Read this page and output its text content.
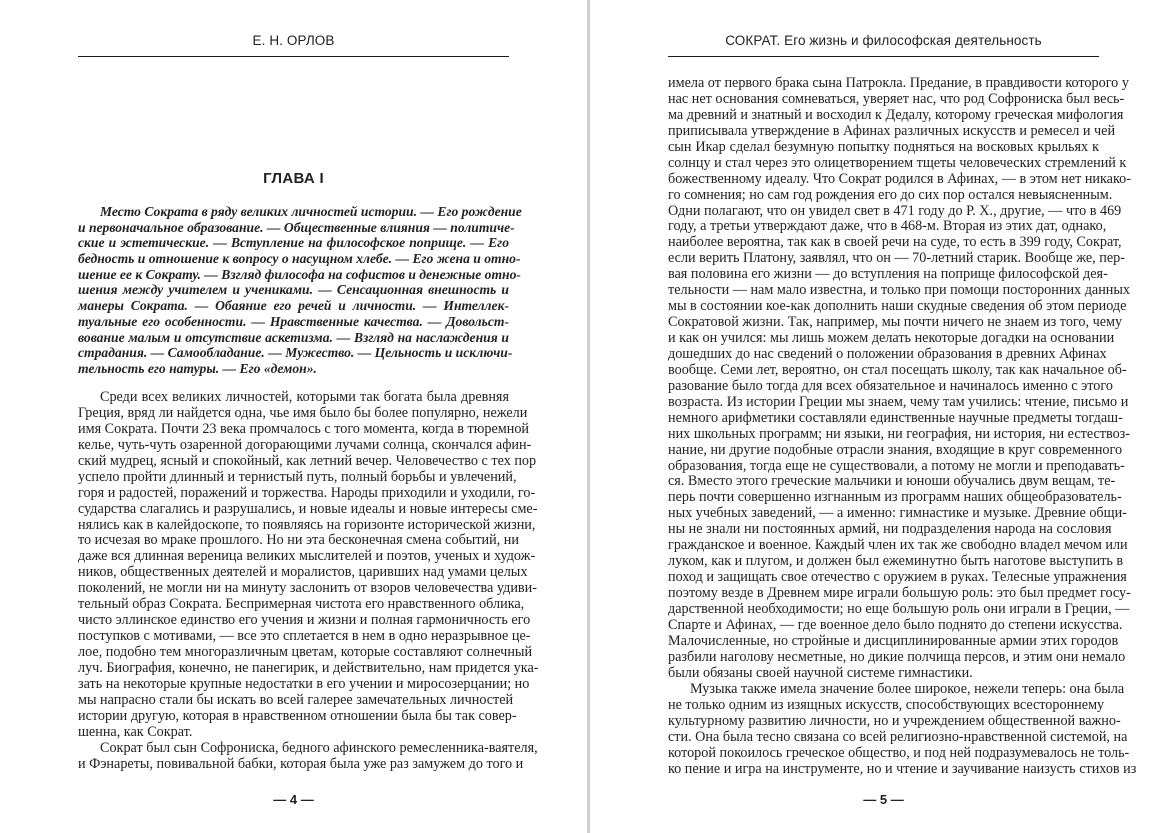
Е. Н. ОРЛОВ
ГЛАВА I
Место Сократа в ряду великих личностей истории. — Его рождение
и первоначальное образование. — Общественные влияния — политиче-
ские и эстетические. — Вступление на философское поприще. — Его
бедность и отношение к вопросу о насущном хлебе. — Его жена и отно-
шение ее к Сократу. — Взгляд философа на софистов и денежные отно-
шения между учителем и учениками. — Сенсационная внешность и
манеры Сократа. — Обаяние его речей и личности. — Интеллек-
туальные его особенности. — Нравственные качества. — Довольст-
вование малым и отсутствие аскетизма. — Взгляд на наслаждения и
страдания. — Самообладание. — Мужество. — Цельность и исключи-
тельность его натуры. — Его «демон».
Среди всех великих личностей, которыми так богата была древняя
Греция, вряд ли найдется одна, чье имя было бы более популярно, нежели
имя Сократа. Почти 23 века промчалось с того момента, когда в тюремной
келье, чуть-чуть озаренной догорающими лучами солнца, скончался афин-
ский мудрец, ясный и спокойный, как летний вечер. Человечество с тех пор
успело пройти длинный и тернистый путь, полный борьбы и увлечений,
горя и радостей, поражений и торжества. Народы приходили и уходили, го-
сударства слагались и разрушались, и новые идеалы и новые интересы сме-
нялись как в калейдоскопе, то появляясь на горизонте исторической жизни,
то исчезая во мраке прошлого. Но ни эта бесконечная смена событий, ни
даже вся длинная вереница великих мыслителей и поэтов, ученых и худож-
ников, общественных деятелей и моралистов, царивших над умами целых
поколений, не могли ни на минуту заслонить от взоров человечества удиви-
тельный образ Сократа. Беспримерная чистота его нравственного облика,
чисто эллинское единство его учения и жизни и полная гармоничность его
поступков с мотивами, — все это сплетается в нем в одно неразрывное це-
лое, подобно тем многоразличным цветам, которые составляют солнечный
луч. Биография, конечно, не панегирик, и действительно, нам придется ука-
зать на некоторые крупные недостатки в его учении и миросозерцании; но
мы напрасно стали бы искать во всей галерее замечательных личностей
истории другую, которая в нравственном отношении была бы так совер-
шенна, как Сократ.
Сократ был сын Софрониска, бедного афинского ремесленника-ваятеля,
и Фэнареты, повивальной бабки, которая была уже раз замужем до того и
— 4 —
СОКРАТ. Его жизнь и философская деятельность
имела от первого брака сына Патрокла. Предание, в правдивости которого у
нас нет основания сомневаться, уверяет нас, что род Софрониска был весь-
ма древний и знатный и восходил к Дедалу, которому греческая мифология
приписывала утверждение в Афинах различных искусств и ремесел и чей
сын Икар сделал безумную попытку подняться на восковых крыльях к
солнцу и стал через это олицетворением тщеты человеческих стремлений к
божественному идеалу. Что Сократ родился в Афинах, — в этом нет никако-
го сомнения; но сам год рождения его до сих пор остался невыясненным.
Одни полагают, что он увидел свет в 471 году до Р. Х., другие, — что в 469
году, а третьи утверждают даже, что в 468-м. Вторая из этих дат, однако,
наиболее вероятна, так как в своей речи на суде, то есть в 399 году, Сократ,
если верить Платону, заявлял, что он — 70-летний старик. Вообще же, пер-
вая половина его жизни — до вступления на поприще философской дея-
тельности — нам мало известна, и только при помощи посторонних данных
мы в состоянии кое-как дополнить наши скудные сведения об этом периоде
Сократовой жизни. Так, например, мы почти ничего не знаем из того, чему
и как он учился: мы лишь можем делать некоторые догадки на основании
дошедших до нас сведений о положении образования в древних Афинах
вообще. Семи лет, вероятно, он стал посещать школу, так как начальное об-
разование было тогда для всех обязательное и начиналось именно с этого
возраста. Из истории Греции мы знаем, чему там учились: чтение, письмо и
немного арифметики составляли единственные научные предметы тогдаш-
них школьных программ; ни языки, ни география, ни история, ни естествоз-
нание, ни другие подобные отрасли знания, входящие в круг современного
образования, тогда еще не существовали, а потому не могли и преподавать-
ся. Вместо этого греческие мальчики и юноши обучались двум вещам, те-
перь почти совершенно изгнанным из программ наших общеобразователь-
ных учебных заведений, — а именно: гимнастике и музыке. Древние общи-
ны не знали ни постоянных армий, ни подразделения народа на сословия
гражданское и военное. Каждый член их так же свободно владел мечом или
луком, как и плугом, и должен был ежеминутно быть наготове выступить в
поход и защищать свое отечество с оружием в руках. Телесные упражнения
поэтому везде в Древнем мире играли большую роль: это был предмет госу-
дарственной необходимости; но еще большую роль они играли в Греции, —
Спарте и Афинах, — где военное дело было поднято до степени искусства.
Малочисленные, но стройные и дисциплинированные армии этих городов
разбили наголову несметные, но дикие полчища персов, и этим они немало
были обязаны своей научной системе гимнастики.
Музыка также имела значение более широкое, нежели теперь: она была
не только одним из изящных искусств, способствующих всестороннему
культурному развитию личности, но и учреждением общественной важно-
сти. Она была тесно связана со всей религиозно-нравственной системой, на
которой покоилось греческое общество, и под ней подразумевалось не толь-
ко пение и игра на инструменте, но и чтение и заучивание наизусть стихов из
— 5 —
